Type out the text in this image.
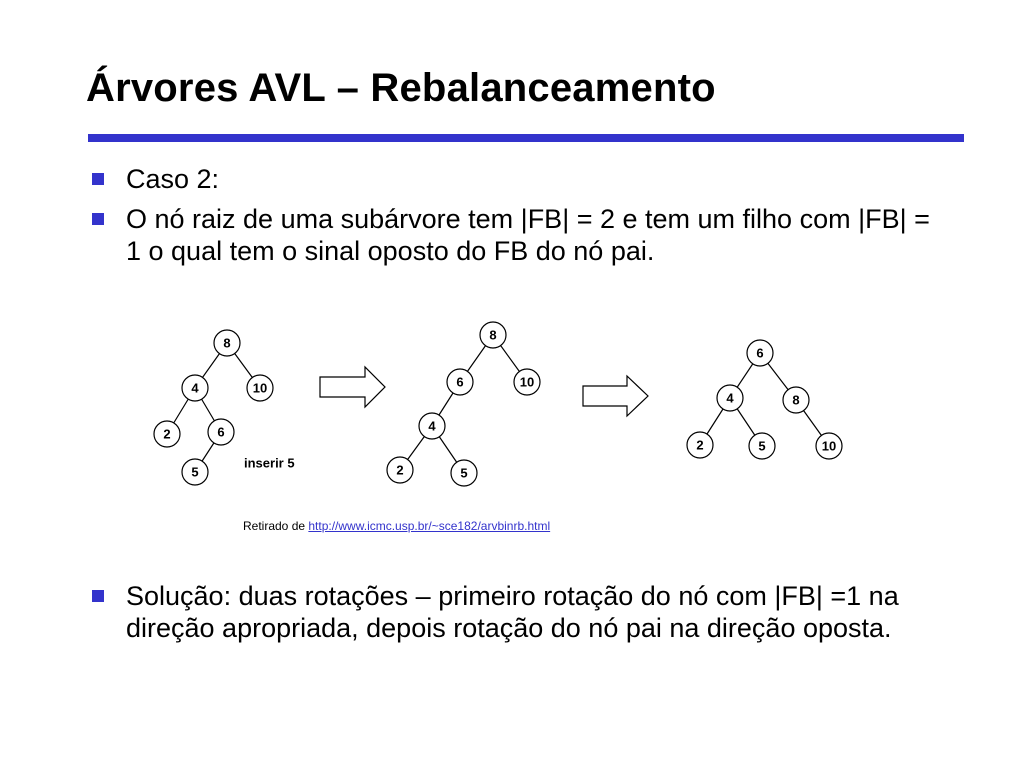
Árvores AVL – Rebalanceamento
Caso 2:
O nó raiz de uma subárvore tem |FB| = 2 e tem um filho com |FB| = 1 o qual tem o sinal oposto do FB do nó pai.
8
4	10
2	6
5
inserir 5
8
6	10
4
2	5
6
4	8
2	5	10
Retirado de http://www.icmc.usp.br/~sce182/arvbinrb.html
Solução: duas rotações – primeiro rotação do nó com |FB| =1 na direção apropriada, depois rotação do nó pai na direção oposta.
